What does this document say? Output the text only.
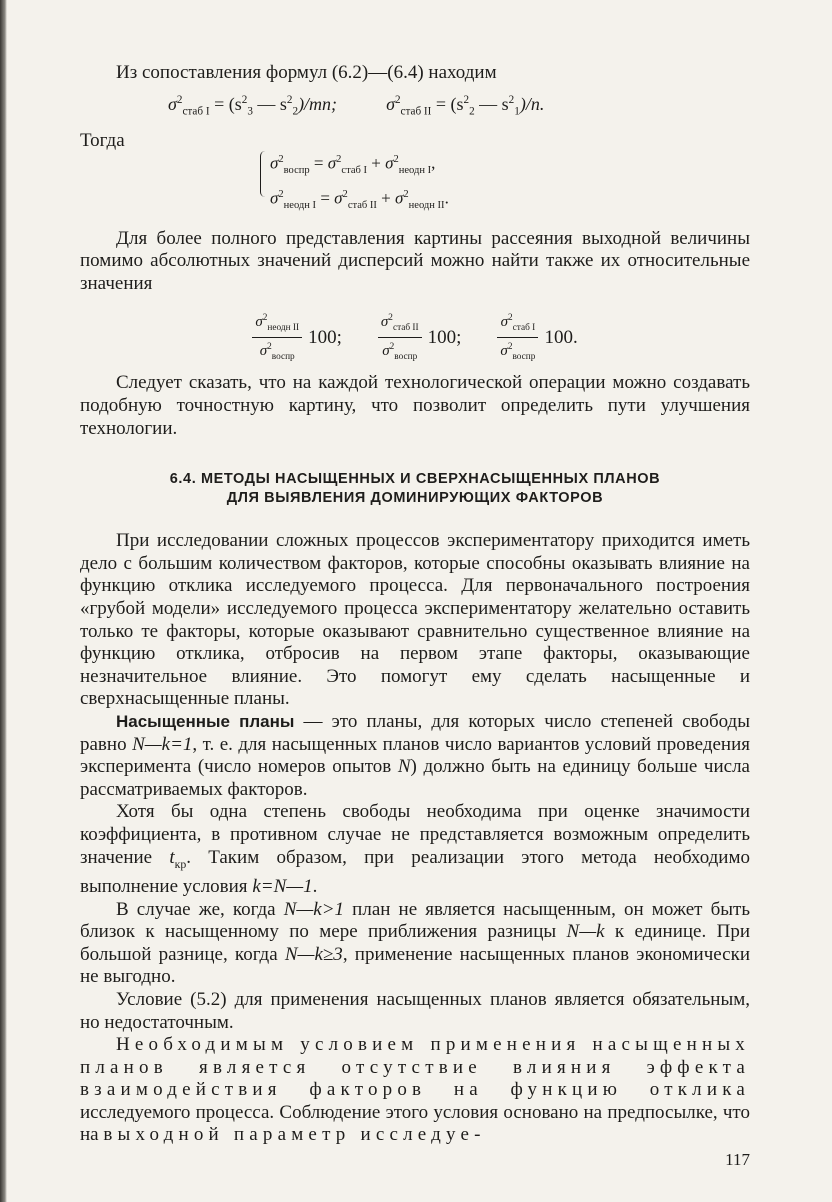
Из сопоставления формул (6.2)—(6.4) находим
$\sigma^2_{стаб I} = (s^2_3$ — $s^2_2)/mn$;	$\sigma^2_{стаб II} = (s^2_2$ — $s^2_1)/n$.
Тогда
$\sigma^2_{воспр} = \sigma^2_{стаб I} + \sigma^2_{неодн I}$,
$\sigma^2_{неодн I} = \sigma^2_{стаб II} + \sigma^2_{неодн II}$.

Для более полного представления картины рассеяния выходной величины помимо абсолютных значений дисперсий можно найти также их относительные значения

$\frac{\sigma^2_{неодн II}}{\sigma^2_{воспр}} 100$; $\frac{\sigma^2_{стаб II}}{\sigma^2_{воспр}} 100$; $\frac{\sigma^2_{стаб I}}{\sigma^2_{воспр}} 100$.

Следует сказать, что на каждой технологической операции можно создавать подобную точностную картину, что позволит определить пути улучшения технологии.

6.4. МЕТОДЫ НАСЫЩЕННЫХ И СВЕРХНАСЫЩЕННЫХ ПЛАНОВ
ДЛЯ ВЫЯВЛЕНИЯ ДОМИНИРУЮЩИХ ФАКТОРОВ

При исследовании сложных процессов экспериментатору приходится иметь дело с большим количеством факторов, которые способны оказывать влияние на функцию отклика исследуемого процесса. Для первоначального построения «грубой модели» исследуемого процесса экспериментатору желательно оставить только те факторы, которые оказывают сравнительно существенное влияние на функцию отклика, отбросив на первом этапе факторы, оказывающие незначительное влияние. Это помогут ему сделать насыщенные и сверхнасыщенные планы.

Насыщенные планы — это планы, для которых число степеней свободы равно N—k=1, т. е. для насыщенных планов число вариантов условий проведения эксперимента (число номеров опытов N) должно быть на единицу больше числа рассматриваемых факторов.

Хотя бы одна степень свободы необходима при оценке значимости коэффициента, в противном случае не представляется возможным определить значение $t_{кр}$. Таким образом, при реализации этого метода необходимо выполнение условия k=N—1.

В случае же, когда N—k>1 план не является насыщенным, он может быть близок к насыщенному по мере приближения разницы N—k к единице. При большой разнице, когда N—k≥3, применение насыщенных планов экономически не выгодно.

Условие (5.2) для применения насыщенных планов является обязательным, но недостаточным.

Необходимым условием применения насыщенных планов является отсутствие влияния эффекта взаимодействия факторов на функцию отклика исследуемого процесса. Соблюдение этого условия основано на предпосылке, что на выходной параметр исследуе-

117
